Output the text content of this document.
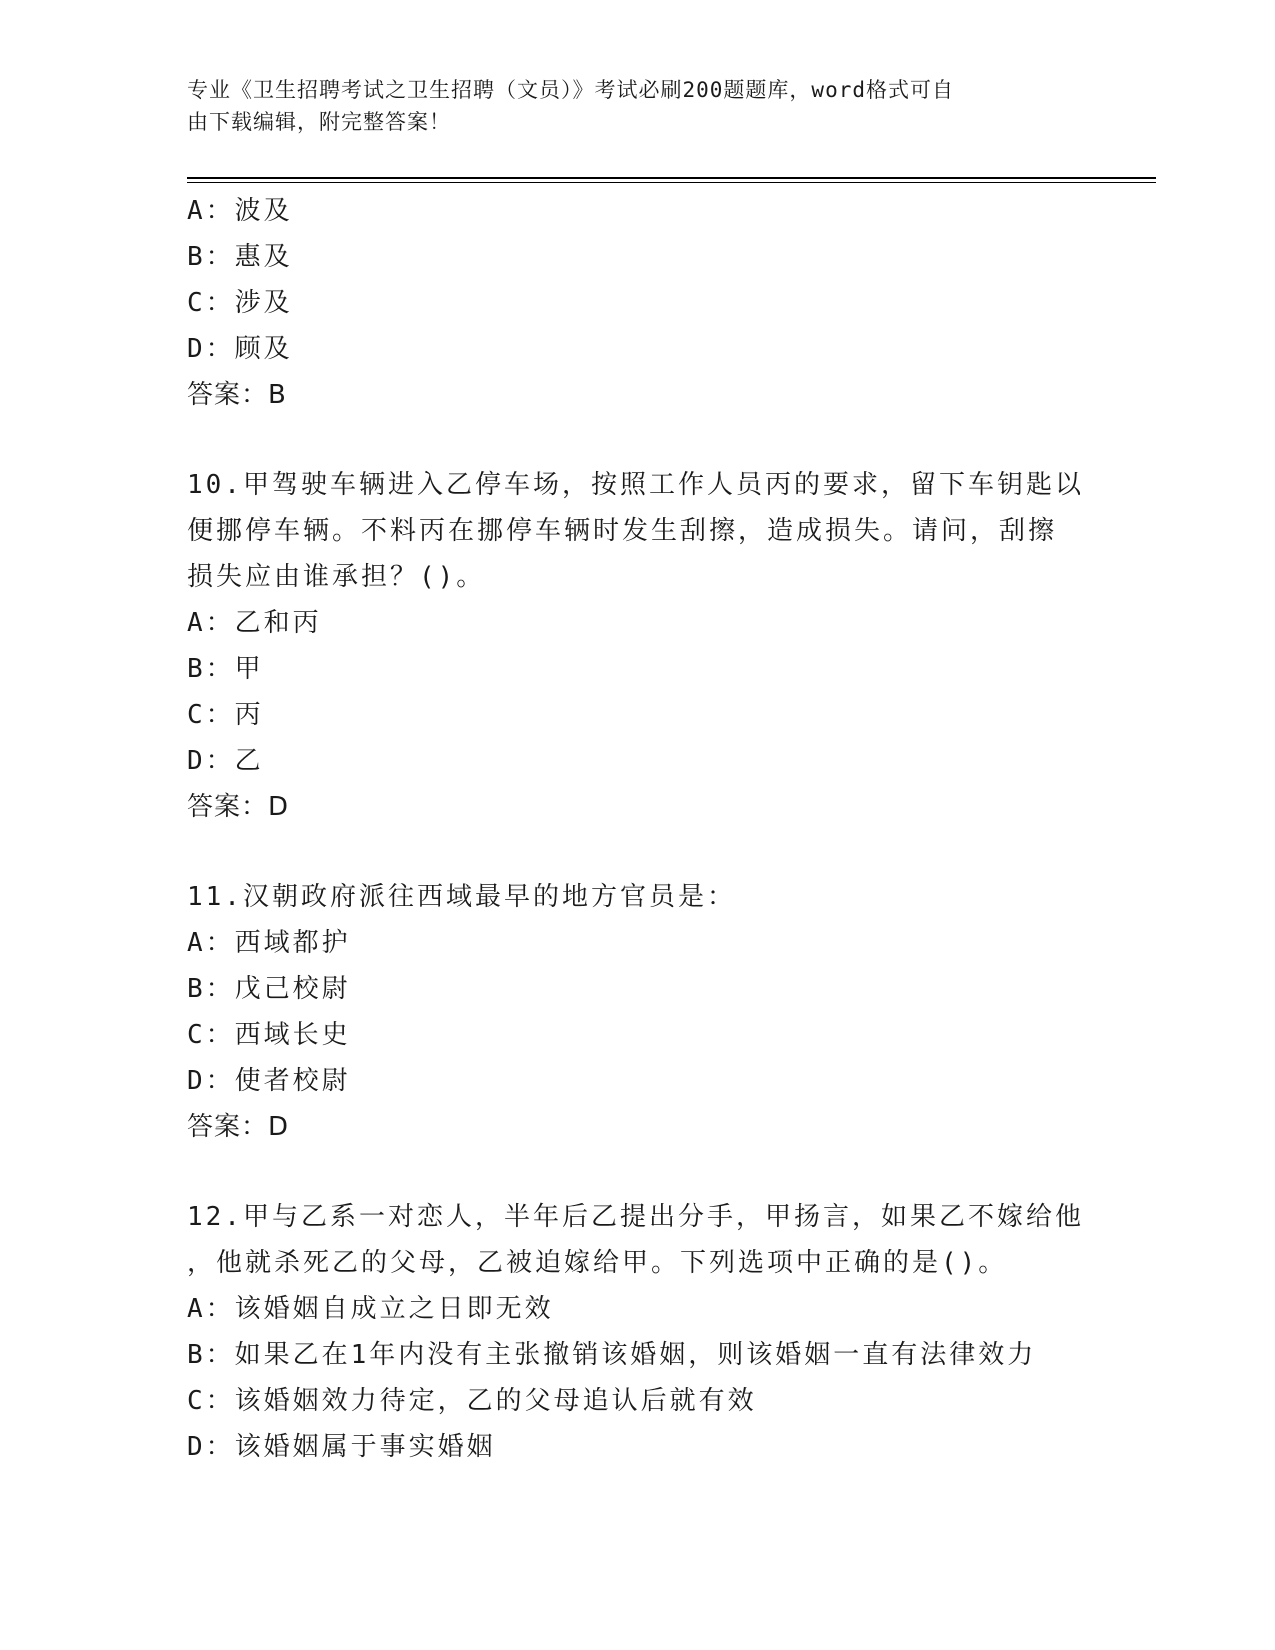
专业《卫生招聘考试之卫生招聘（文员）》考试必刷200题题库，word格式可自
由下载编辑，附完整答案！
A：波及
B：惠及
C：涉及
D：顾及
答案：B
10.甲驾驶车辆进入乙停车场，按照工作人员丙的要求，留下车钥匙以
便挪停车辆。不料丙在挪停车辆时发生刮擦，造成损失。请问，刮擦
损失应由谁承担？()。
A：乙和丙
B：甲
C：丙
D：乙
答案：D
11.汉朝政府派往西域最早的地方官员是：
A：西域都护
B：戊己校尉
C：西域长史
D：使者校尉
答案：D
12.甲与乙系一对恋人，半年后乙提出分手，甲扬言，如果乙不嫁给他
，他就杀死乙的父母，乙被迫嫁给甲。下列选项中正确的是()。
A：该婚姻自成立之日即无效
B：如果乙在1年内没有主张撤销该婚姻，则该婚姻一直有法律效力
C：该婚姻效力待定，乙的父母追认后就有效
D：该婚姻属于事实婚姻
